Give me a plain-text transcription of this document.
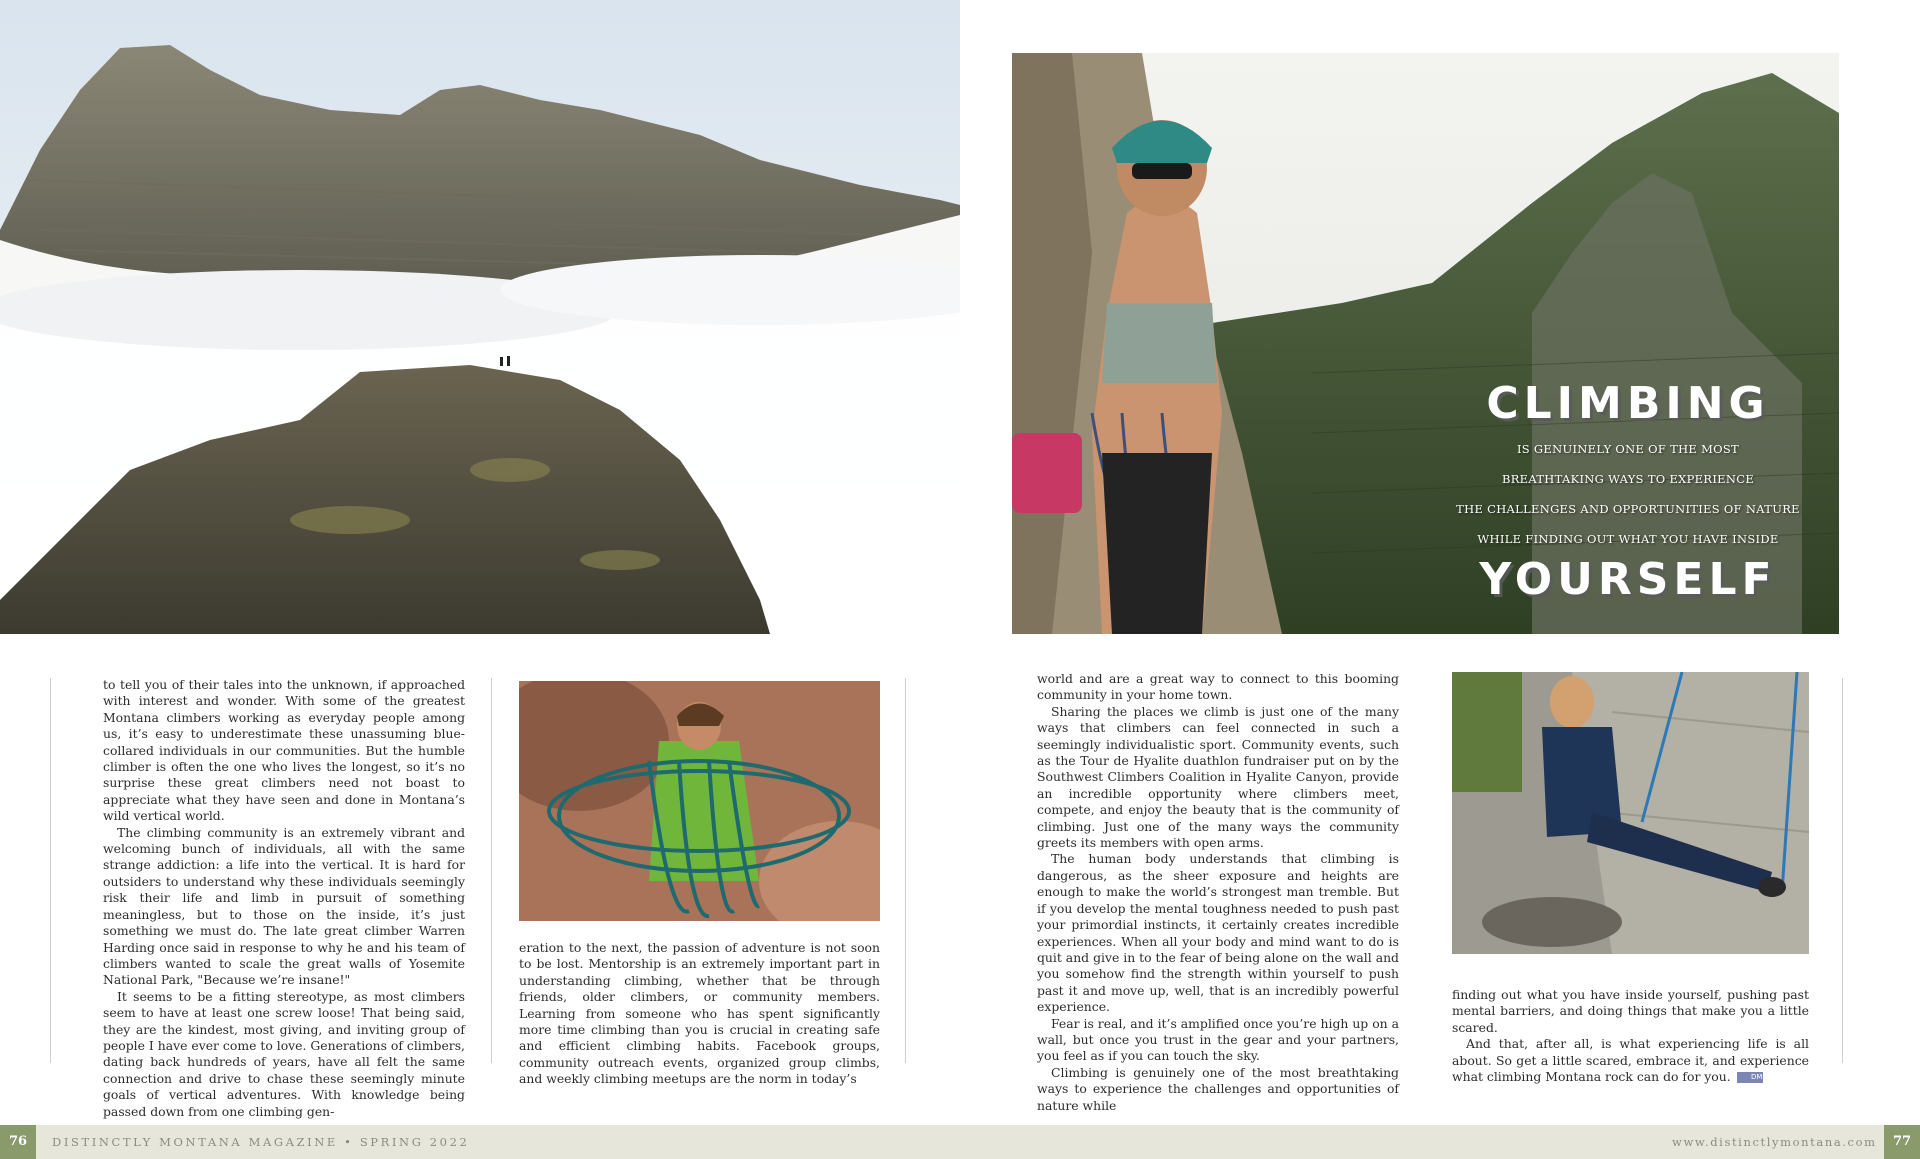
CLIMBING
IS GENUINELY ONE OF THE MOST
BREATHTAKING WAYS TO EXPERIENCE
THE CHALLENGES AND OPPORTUNITIES OF NATURE
WHILE FINDING OUT WHAT YOU HAVE INSIDE
YOURSELF

to tell you of their tales into the unknown, if approached with interest and wonder. With some of the greatest Montana climbers working as everyday people among us, it’s easy to underestimate these unassuming blue-collared individuals in our communities. But the humble climber is often the one who lives the longest, so it’s no surprise these great climbers need not boast to appreciate what they have seen and done in Montana’s wild vertical world.

The climbing community is an extremely vibrant and welcoming bunch of individuals, all with the same strange addiction: a life into the vertical. It is hard for outsiders to understand why these individuals seemingly risk their life and limb in pursuit of something meaningless, but to those on the inside, it’s just something we must do. The late great climber Warren Harding once said in response to why he and his team of climbers wanted to scale the great walls of Yosemite National Park, "Because we’re insane!"

It seems to be a fitting stereotype, as most climbers seem to have at least one screw loose! That being said, they are the kindest, most giving, and inviting group of people I have ever come to love. Generations of climbers, dating back hundreds of years, have all felt the same connection and drive to chase these seemingly minute goals of vertical adventures. With knowledge being passed down from one climbing gen-

eration to the next, the passion of adventure is not soon to be lost. Mentorship is an extremely important part in understanding climbing, whether that be through friends, older climbers, or community members. Learning from someone who has spent significantly more time climbing than you is crucial in creating safe and efficient climbing habits. Facebook groups, community outreach events, organized group climbs, and weekly climbing meetups are the norm in today’s

world and are a great way to connect to this booming community in your home town.

Sharing the places we climb is just one of the many ways that climbers can feel connected in such a seemingly individualistic sport. Community events, such as the Tour de Hyalite duathlon fundraiser put on by the Southwest Climbers Coalition in Hyalite Canyon, provide an incredible opportunity where climbers meet, compete, and enjoy the beauty that is the community of climbing. Just one of the many ways the community greets its members with open arms.

The human body understands that climbing is dangerous, as the sheer exposure and heights are enough to make the world’s strongest man tremble. But if you develop the mental toughness needed to push past your primordial instincts, it certainly creates incredible experiences. When all your body and mind want to do is quit and give in to the fear of being alone on the wall and you somehow find the strength within yourself to push past it and move up, well, that is an incredibly powerful experience.

Fear is real, and it’s amplified once you’re high up on a wall, but once you trust in the gear and your partners, you feel as if you can touch the sky.

Climbing is genuinely one of the most breathtaking ways to experience the challenges and opportunities of nature while

finding out what you have inside yourself, pushing past mental barriers, and doing things that make you a little scared.

And that, after all, is what experiencing life is all about. So get a little scared, embrace it, and experience what climbing Montana rock can do for you.	DM

76	DISTINCTLY MONTANA MAGAZINE • SPRING 2022	www.distinctlymontana.com	77
